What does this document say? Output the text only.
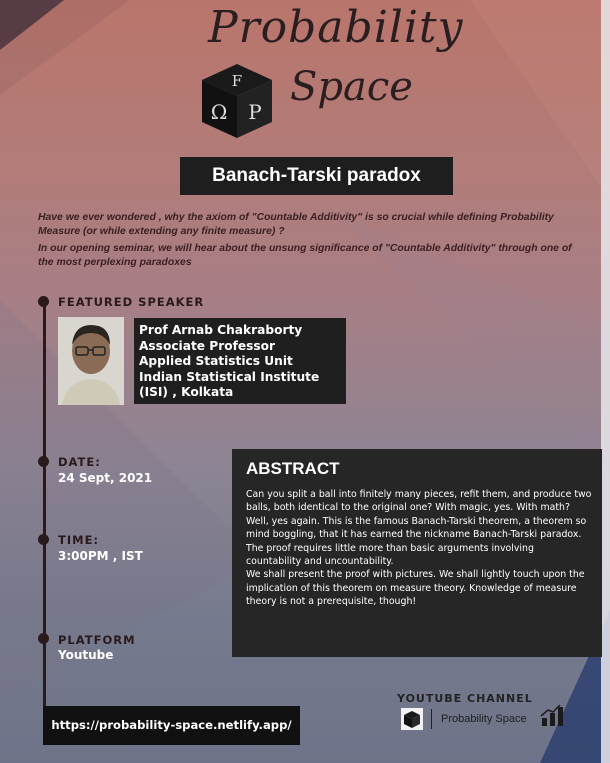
Probability
F
Ω P
Space
Banach-Tarski paradox

Have we ever wondered , why the axiom of "Countable Additivity" is so crucial while defining Probability Measure (or while extending any finite measure) ?

In our opening seminar, we will hear about the unsung significance of "Countable Additivity" through one of the most perplexing paradoxes

FEATURED SPEAKER
Prof Arnab Chakraborty
Associate Professor
Applied Statistics Unit
Indian Statistical Institute
(ISI) , Kolkata
DATE:
24 Sept, 2021
TIME:
3:00PM , IST
PLATFORM
Youtube
ABSTRACT

Can you split a ball into finitely many pieces, refit them, and produce two balls, both identical to the original one? With magic, yes. With math? Well, yes again. This is the famous Banach-Tarski theorem, a theorem so mind boggling, that it has earned the nickname Banach-Tarski paradox. The proof requires little more than basic arguments involving countability and uncountability.

We shall present the proof with pictures. We shall lightly touch upon the implication of this theorem on measure theory. Knowledge of measure theory is not a prerequisite, though!

https://probability-space.netlify.app/
YOUTUBE CHANNEL
Probability Space
